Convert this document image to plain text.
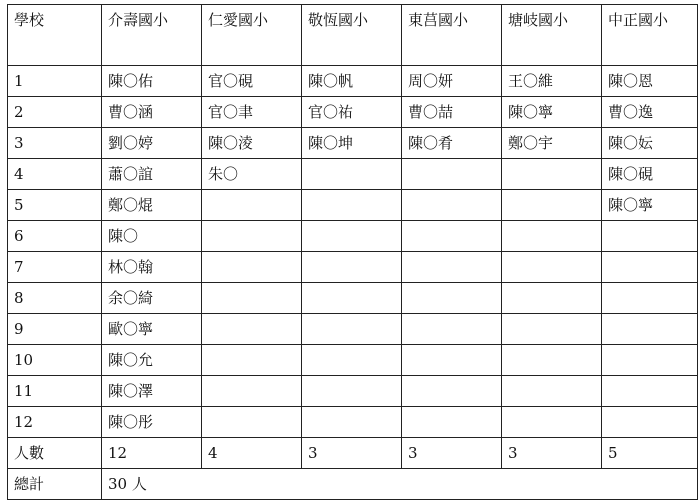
學校	介壽國小	仁愛國小	敬恆國小	東莒國小	塘岐國小	中正國小
1	陳〇佑	官〇硯	陳〇帆	周〇妍	王〇維	陳〇恩
2	曹〇涵	官〇聿	官〇祐	曹〇喆	陳〇寧	曹〇逸
3	劉〇婷	陳〇淩	陳〇坤	陳〇肴	鄭〇宇	陳〇妘
4	蕭〇誼	朱〇				陳〇硯
5	鄭〇焜					陳〇寧
6	陳〇					
7	林〇翰					
8	余〇綺					
9	歐〇寧					
10	陳〇允					
11	陳〇澤					
12	陳〇彤					
人數	12	4	3	3	3	5
總計	30 人					
